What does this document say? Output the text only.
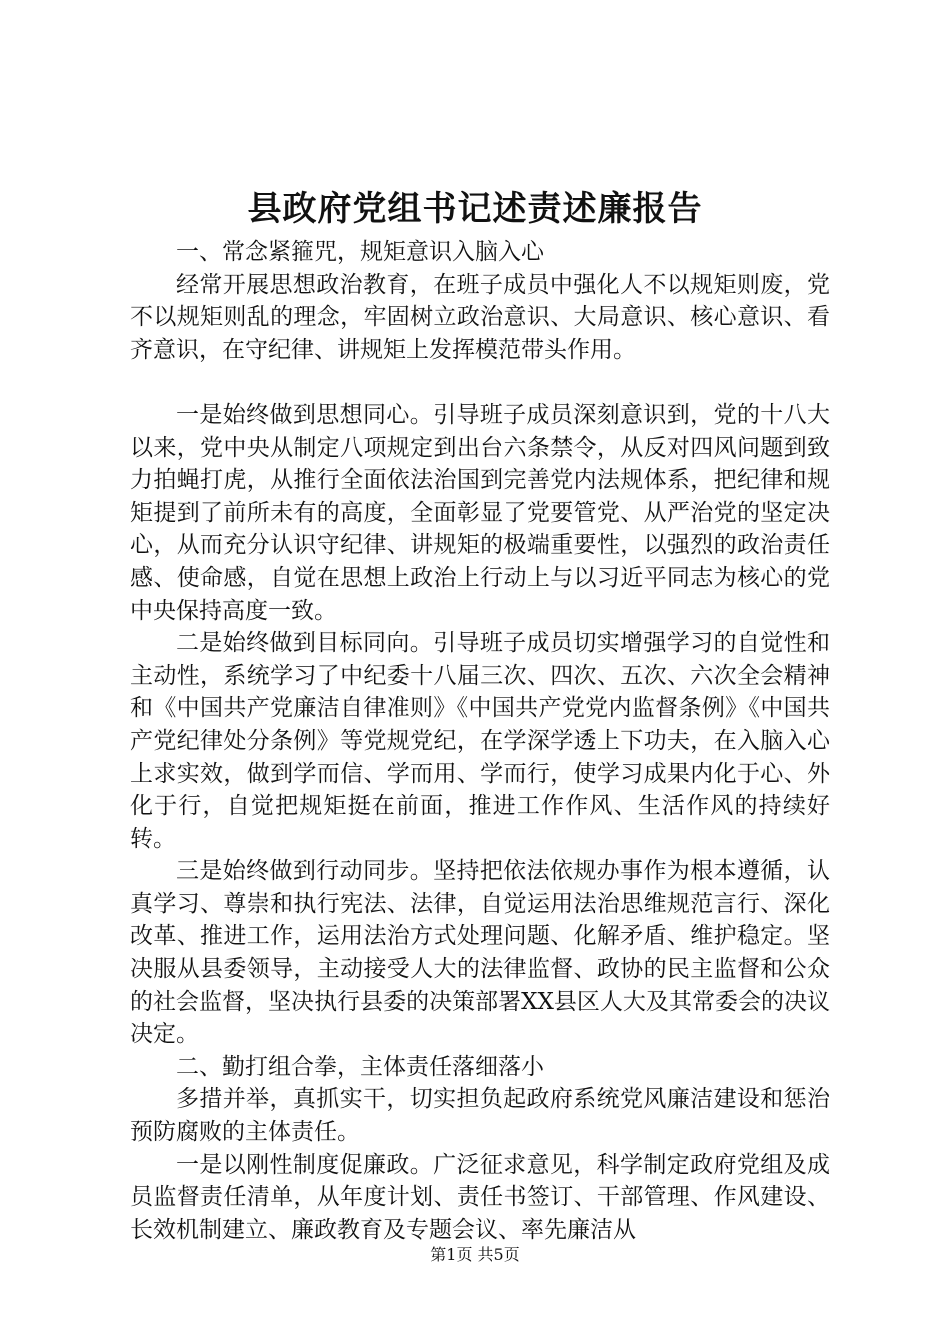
县政府党组书记述责述廉报告

一、常念紧箍咒，规矩意识入脑入心

经常开展思想政治教育，在班子成员中强化人不以规矩则废，党不以规矩则乱的理念，牢固树立政治意识、大局意识、核心意识、看齐意识，在守纪律、讲规矩上发挥模范带头作用。

一是始终做到思想同心。引导班子成员深刻意识到，党的十八大以来，党中央从制定八项规定到出台六条禁令，从反对四风问题到致力拍蝇打虎，从推行全面依法治国到完善党内法规体系，把纪律和规矩提到了前所未有的高度，全面彰显了党要管党、从严治党的坚定决心，从而充分认识守纪律、讲规矩的极端重要性，以强烈的政治责任感、使命感，自觉在思想上政治上行动上与以习近平同志为核心的党中央保持高度一致。

二是始终做到目标同向。引导班子成员切实增强学习的自觉性和主动性，系统学习了中纪委十八届三次、四次、五次、六次全会精神和《中国共产党廉洁自律准则》《中国共产党党内监督条例》《中国共产党纪律处分条例》等党规党纪，在学深学透上下功夫，在入脑入心上求实效，做到学而信、学而用、学而行，使学习成果内化于心、外化于行，自觉把规矩挺在前面，推进工作作风、生活作风的持续好转。

三是始终做到行动同步。坚持把依法依规办事作为根本遵循，认真学习、尊崇和执行宪法、法律，自觉运用法治思维规范言行、深化改革、推进工作，运用法治方式处理问题、化解矛盾、维护稳定。坚决服从县委领导，主动接受人大的法律监督、政协的民主监督和公众的社会监督，坚决执行县委的决策部署XX县区人大及其常委会的决议决定。

二、勤打组合拳，主体责任落细落小

多措并举，真抓实干，切实担负起政府系统党风廉洁建设和惩治预防腐败的主体责任。

一是以刚性制度促廉政。广泛征求意见，科学制定政府党组及成员监督责任清单，从年度计划、责任书签订、干部管理、作风建设、长效机制建立、廉政教育及专题会议、率先廉洁从

第1页 共5页
